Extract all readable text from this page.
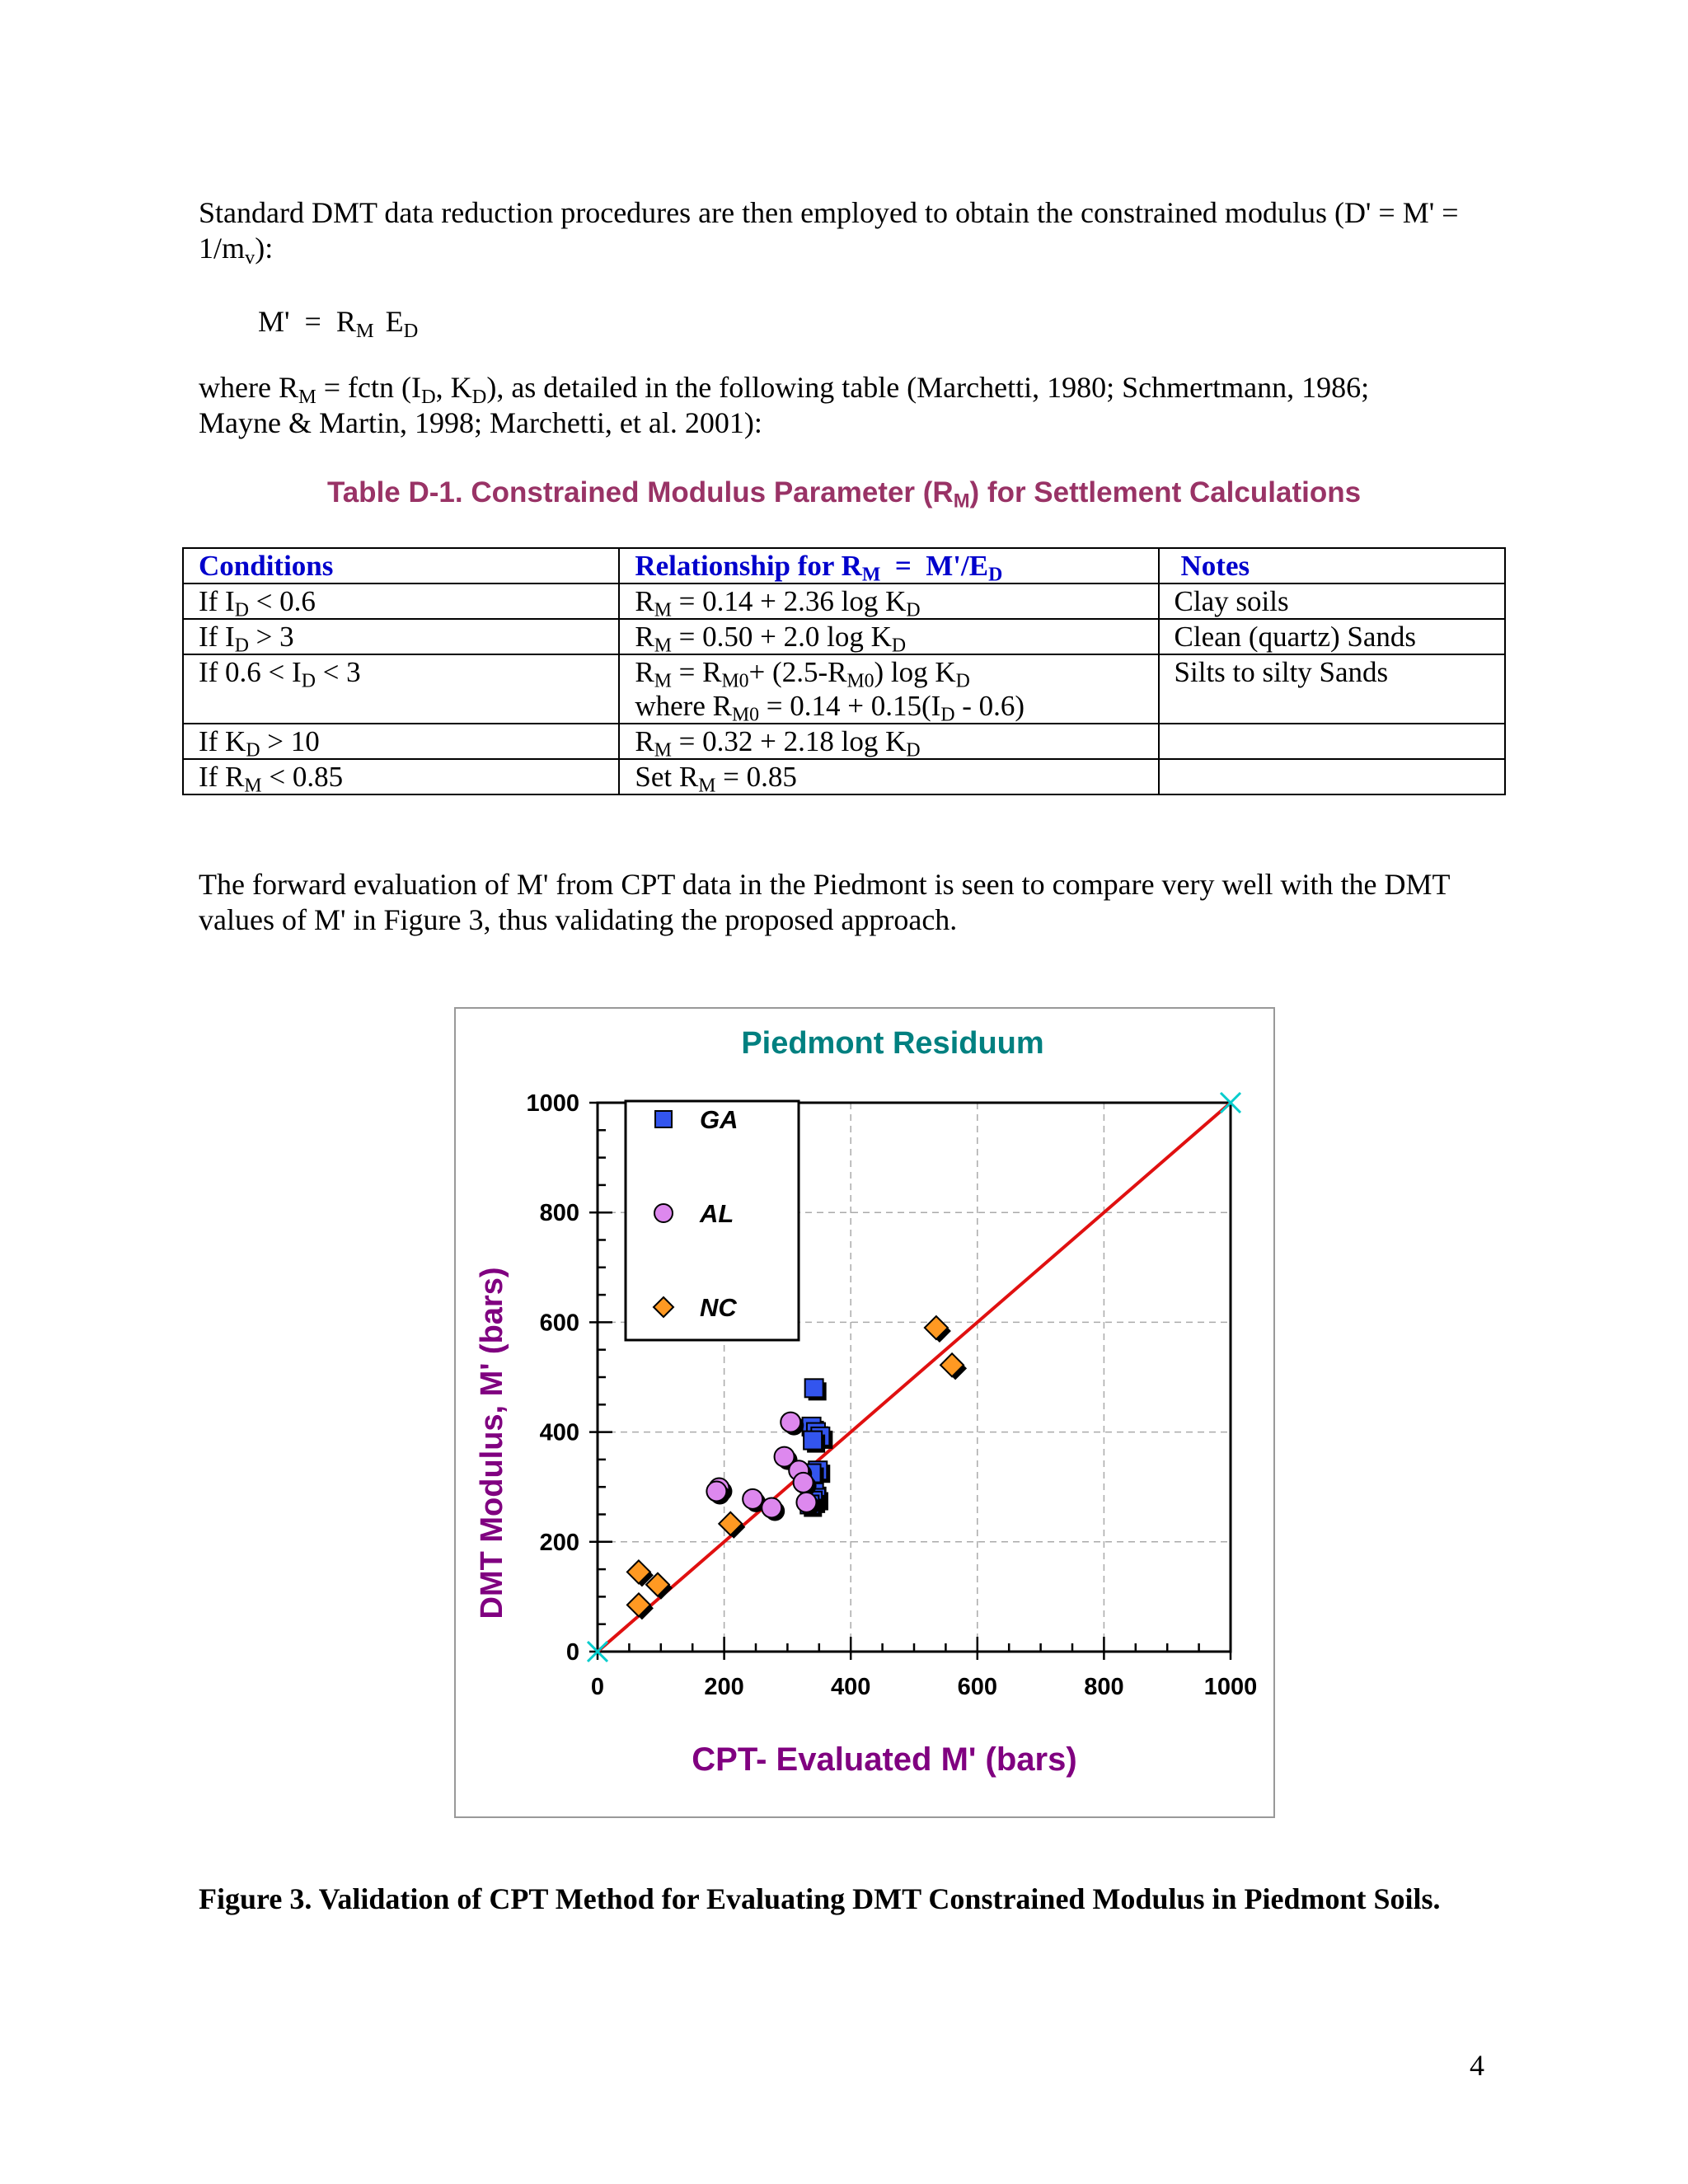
Standard DMT data reduction procedures are then employed to obtain the constrained modulus (D' = M' =

$1/m_v$):

$M' = R_M$ $E_D$

where $R_M$ = fctn ($I_D$, $K_D$), as detailed in the following table (Marchetti, 1980; Schmertmann, 1986;

Mayne & Martin, 1998; Marchetti, et al. 2001):

Table D-1. Constrained Modulus Parameter $(R_M)$ for Settlement Calculations
Conditions	Relationship for $R_M = M'/E_D$	Notes
If $I_D < 0.6$	$R_M = 0.14 + 2.36$ $\log K_D$	Clay soils
If $I_D > 3$	$R_M = 0.50 + 2.0$ $\log K_D$	Clean (quartz) Sands
If $0.6 < I_D < 3$	$R_M = R_{M0}+ (2.5-R_{M0})$ $\log K_D$
where $R_{M0} = 0.14 + 0.15(I_D - 0.6)$	Silts to silty Sands
If $K_D > 10$	$R_M = 0.32 + 2.18$ $\log K_D$	
If $R_M < 0.85$	Set $R_M = 0.85$	

The forward evaluation of M' from CPT data in the Piedmont is seen to compare very well with the DMT

values of M' in Figure 3, thus validating the proposed approach.

Piedmont Residuum
CPT- Evaluated M' (bars)
DMT Modulus, M' (bars)
0	200	400	600	800	1000
0
200
400
600
800
1000
GA
AL
NC
Figure 3. Validation of CPT Method for Evaluating DMT Constrained Modulus in Piedmont Soils.
4
